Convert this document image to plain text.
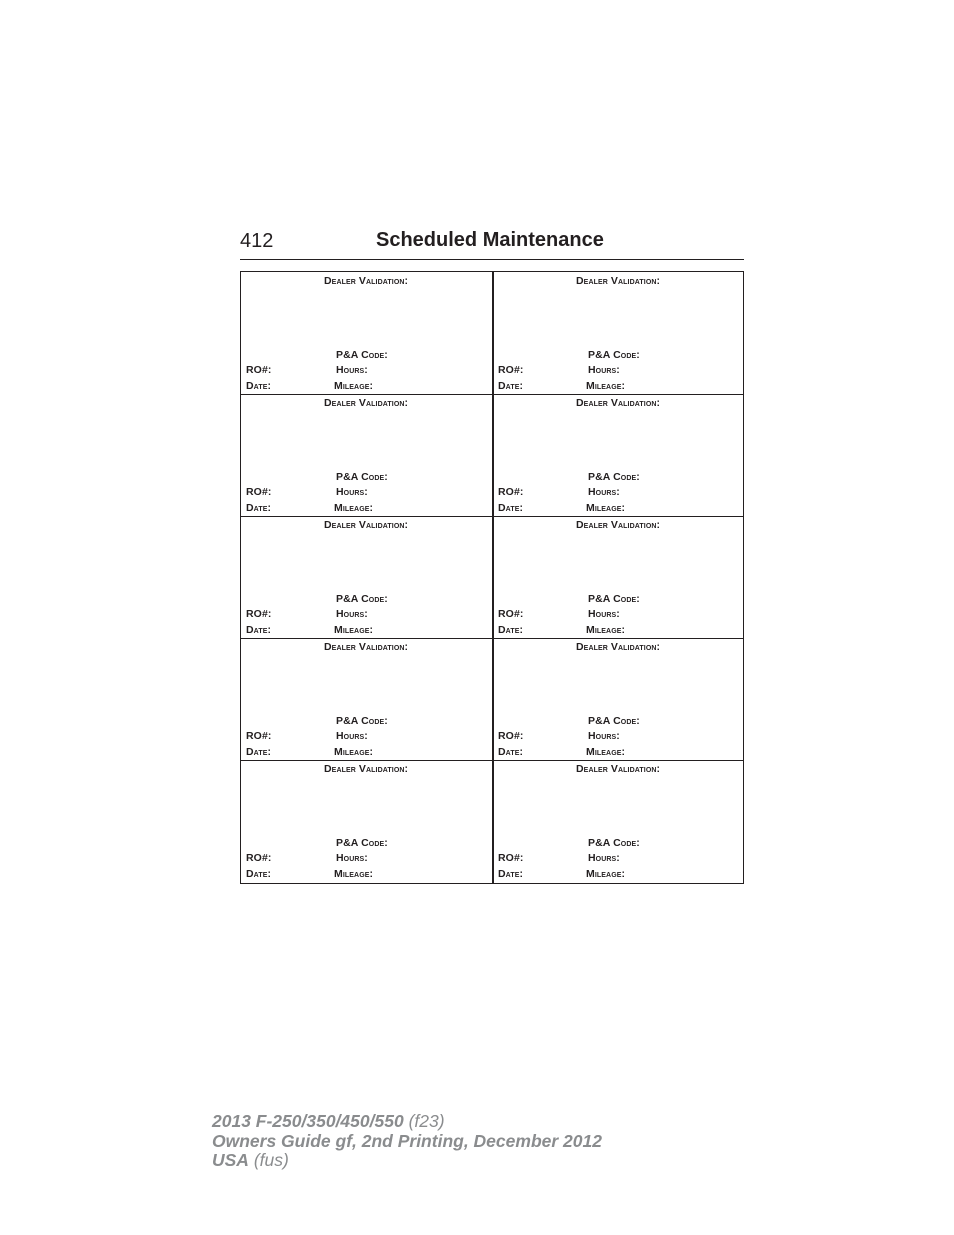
412	Scheduled Maintenance
Dealer Validation:
P&A Code:
RO#:	Hours:
Date:	Mileage:
Dealer Validation:
P&A Code:
RO#:	Hours:
Date:	Mileage:
Dealer Validation:
P&A Code:
RO#:	Hours:
Date:	Mileage:
Dealer Validation:
P&A Code:
RO#:	Hours:
Date:	Mileage:
Dealer Validation:
P&A Code:
RO#:	Hours:
Date:	Mileage:
Dealer Validation:
P&A Code:
RO#:	Hours:
Date:	Mileage:
Dealer Validation:
P&A Code:
RO#:	Hours:
Date:	Mileage:
Dealer Validation:
P&A Code:
RO#:	Hours:
Date:	Mileage:
Dealer Validation:
P&A Code:
RO#:	Hours:
Date:	Mileage:
Dealer Validation:
P&A Code:
RO#:	Hours:
Date:	Mileage:
2013 F-250/350/450/550 (f23)
Owners Guide gf, 2nd Printing, December 2012
USA (fus)
